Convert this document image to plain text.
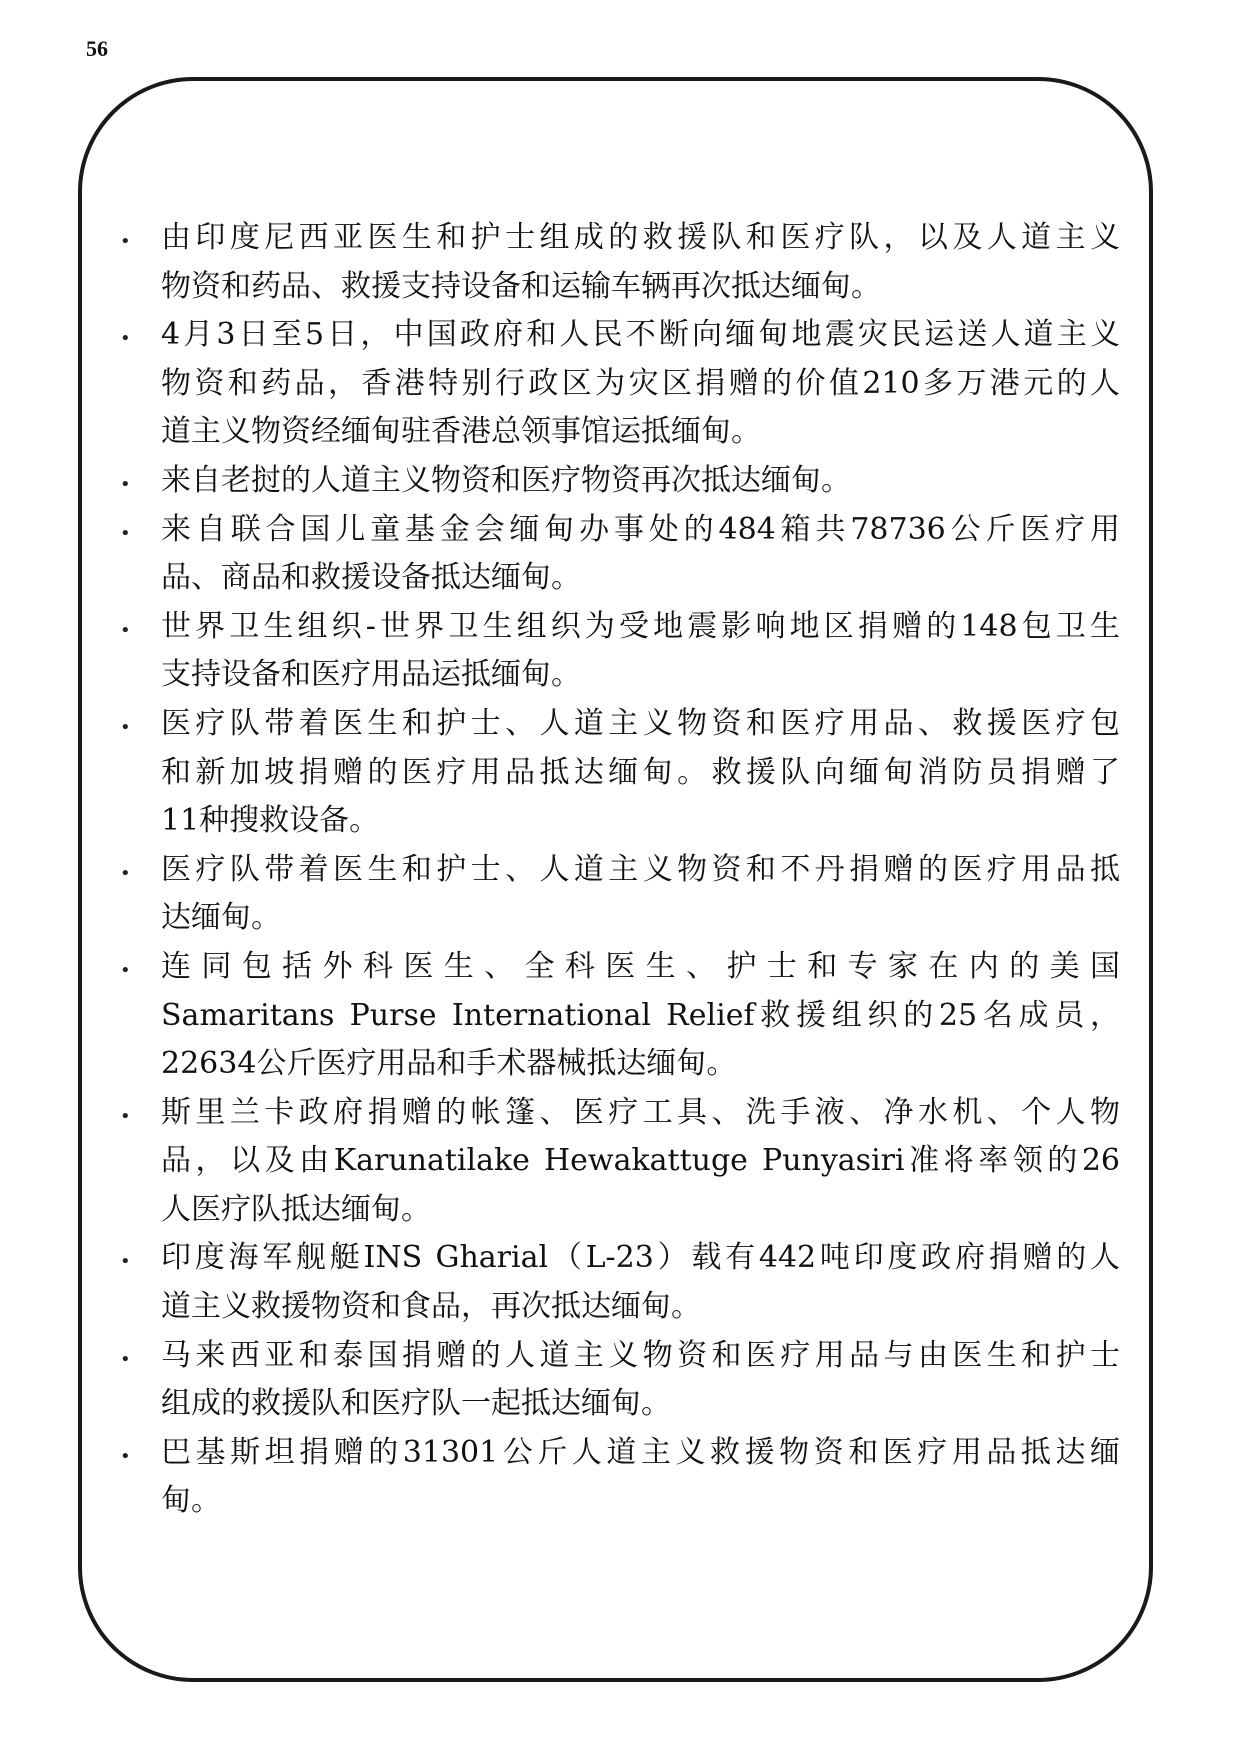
56
• 由印度尼西亚医生和护士组成的救援队和医疗队，以及人道主义
物资和药品、救援支持设备和运输车辆再次抵达缅甸。
• 4月3日至5日，中国政府和人民不断向缅甸地震灾民运送人道主义
物资和药品，香港特别行政区为灾区捐赠的价值210多万港元的人
道主义物资经缅甸驻香港总领事馆运抵缅甸。
• 来自老挝的人道主义物资和医疗物资再次抵达缅甸。
• 来自联合国儿童基金会缅甸办事处的484箱共78736公斤医疗用
品、商品和救援设备抵达缅甸。
• 世界卫生组织-世界卫生组织为受地震影响地区捐赠的148包卫生
支持设备和医疗用品运抵缅甸。
• 医疗队带着医生和护士、人道主义物资和医疗用品、救援医疗包
和新加坡捐赠的医疗用品抵达缅甸。救援队向缅甸消防员捐赠了
11种搜救设备。
• 医疗队带着医生和护士、人道主义物资和不丹捐赠的医疗用品抵
达缅甸。
• 连同包括外科医生、全科医生、护士和专家在内的美国
Samaritans Purse International Relief救援组织的25名成员，
22634公斤医疗用品和手术器械抵达缅甸。
• 斯里兰卡政府捐赠的帐篷、医疗工具、洗手液、净水机、个人物
品，以及由Karunatilake Hewakattuge Punyasiri准将率领的26
人医疗队抵达缅甸。
• 印度海军舰艇INS Gharial（L-23）载有442吨印度政府捐赠的人
道主义救援物资和食品，再次抵达缅甸。
• 马来西亚和泰国捐赠的人道主义物资和医疗用品与由医生和护士
组成的救援队和医疗队一起抵达缅甸。
• 巴基斯坦捐赠的31301公斤人道主义救援物资和医疗用品抵达缅
甸。
